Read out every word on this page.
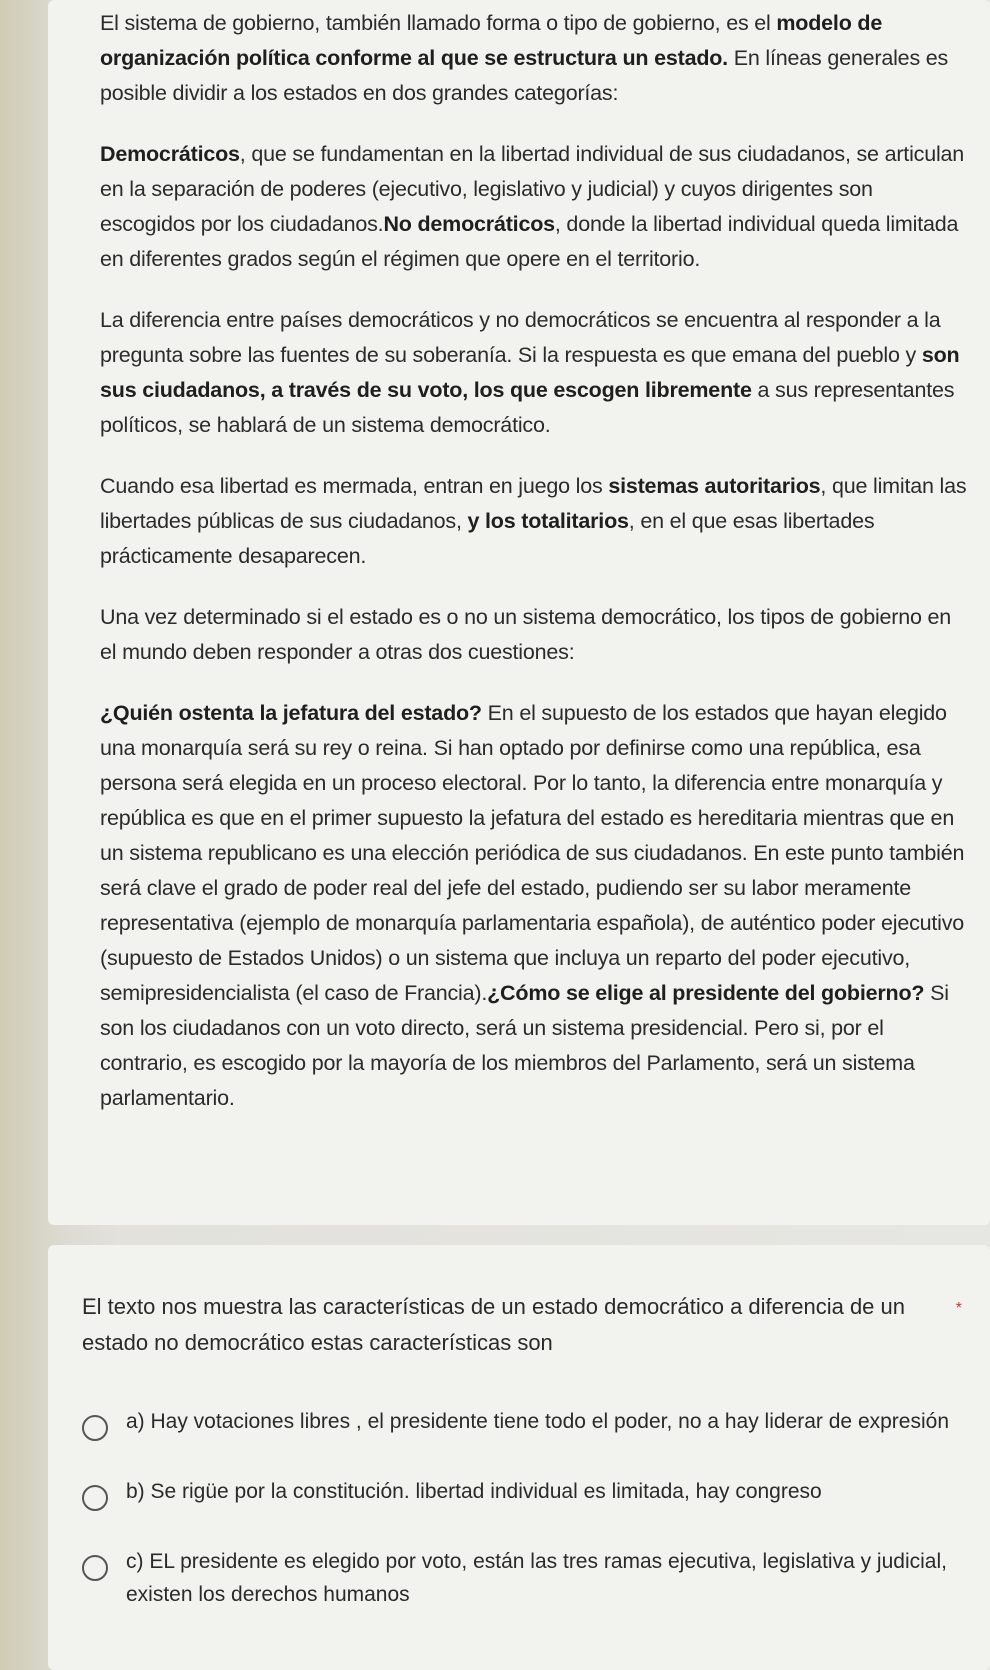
El sistema de gobierno, también llamado forma o tipo de gobierno, es el modelo de organización política conforme al que se estructura un estado. En líneas generales es posible dividir a los estados en dos grandes categorías:

Democráticos, que se fundamentan en la libertad individual de sus ciudadanos, se articulan en la separación de poderes (ejecutivo, legislativo y judicial) y cuyos dirigentes son escogidos por los ciudadanos.No democráticos, donde la libertad individual queda limitada en diferentes grados según el régimen que opere en el territorio.

La diferencia entre países democráticos y no democráticos se encuentra al responder a la pregunta sobre las fuentes de su soberanía. Si la respuesta es que emana del pueblo y son sus ciudadanos, a través de su voto, los que escogen libremente a sus representantes políticos, se hablará de un sistema democrático.

Cuando esa libertad es mermada, entran en juego los sistemas autoritarios, que limitan las libertades públicas de sus ciudadanos, y los totalitarios, en el que esas libertades prácticamente desaparecen.

Una vez determinado si el estado es o no un sistema democrático, los tipos de gobierno en el mundo deben responder a otras dos cuestiones:

¿Quién ostenta la jefatura del estado? En el supuesto de los estados que hayan elegido una monarquía será su rey o reina. Si han optado por definirse como una república, esa persona será elegida en un proceso electoral. Por lo tanto, la diferencia entre monarquía y república es que en el primer supuesto la jefatura del estado es hereditaria mientras que en un sistema republicano es una elección periódica de sus ciudadanos. En este punto también será clave el grado de poder real del jefe del estado, pudiendo ser su labor meramente representativa (ejemplo de monarquía parlamentaria española), de auténtico poder ejecutivo (supuesto de Estados Unidos) o un sistema que incluya un reparto del poder ejecutivo, semipresidencialista (el caso de Francia).¿Cómo se elige al presidente del gobierno? Si son los ciudadanos con un voto directo, será un sistema presidencial. Pero si, por el contrario, es escogido por la mayoría de los miembros del Parlamento, será un sistema parlamentario.

El texto nos muestra las características de un estado democrático a diferencia de un estado no democrático estas características son
*
a) Hay votaciones libres , el presidente tiene todo el poder, no a hay liderar de expresión
b) Se rigüe por la constitución. libertad individual es limitada, hay congreso
c) EL presidente es elegido por voto, están las tres ramas ejecutiva, legislativa y judicial, existen los derechos humanos
